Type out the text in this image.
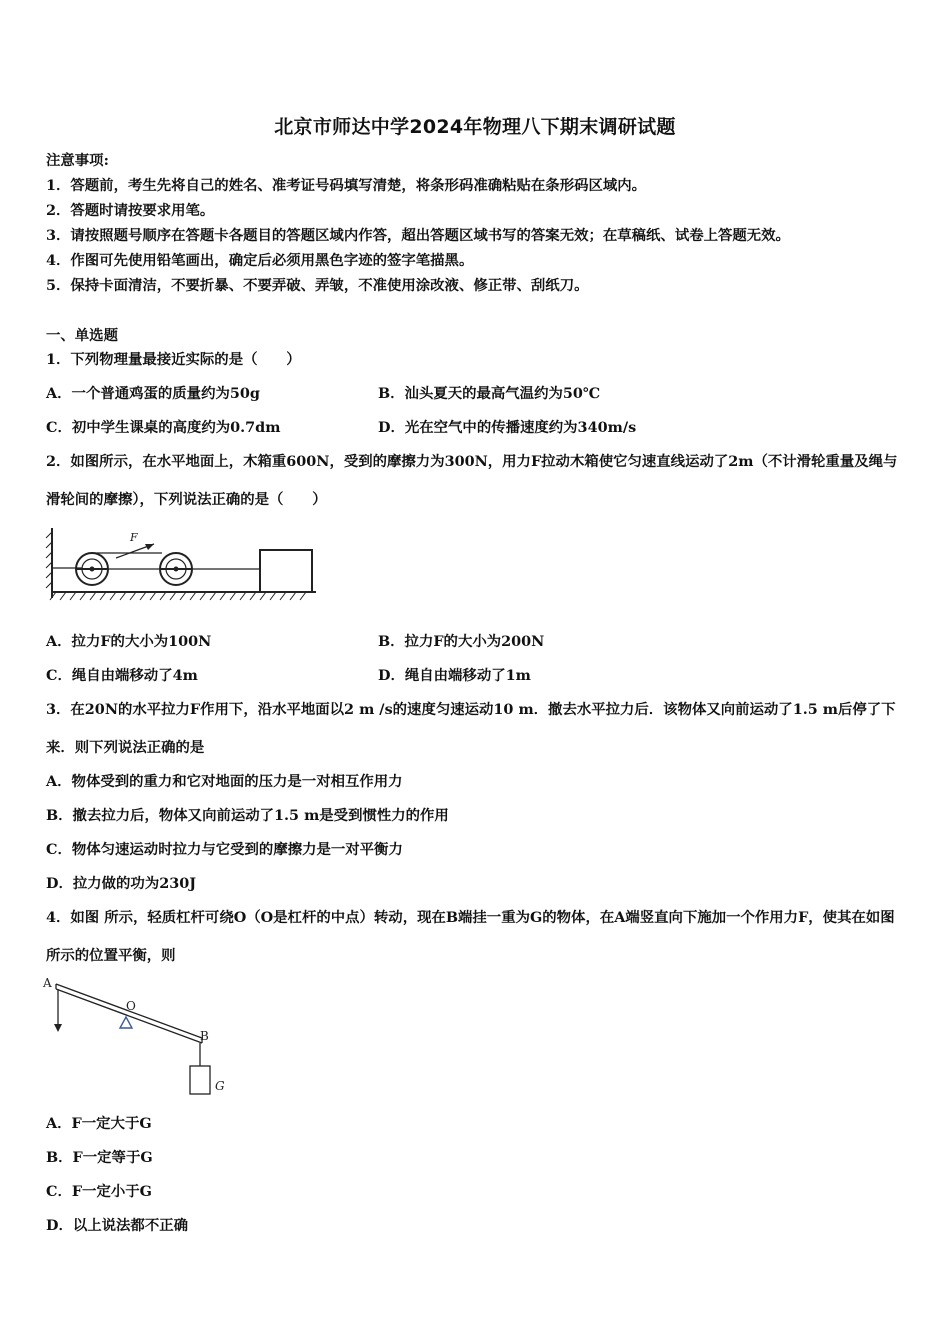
北京市师达中学2024年物理八下期末调研试题
注意事项:
1．答题前，考生先将自己的姓名、准考证号码填写清楚，将条形码准确粘贴在条形码区域内。
2．答题时请按要求用笔。
3．请按照题号顺序在答题卡各题目的答题区域内作答，超出答题区域书写的答案无效；在草稿纸、试卷上答题无效。
4．作图可先使用铅笔画出，确定后必须用黑色字迹的签字笔描黑。
5．保持卡面清洁，不要折暴、不要弄破、弄皱，不准使用涂改液、修正带、刮纸刀。
一、单选题
1．下列物理量最接近实际的是（　　）
A．一个普通鸡蛋的质量约为50g	B．汕头夏天的最高气温约为50℃
C．初中学生课桌的高度约为0.7dm	D．光在空气中的传播速度约为340m/s
2．如图所示，在水平地面上，木箱重600N，受到的摩擦力为300N，用力F拉动木箱使它匀速直线运动了2m（不计滑轮重量及绳与滑轮间的摩擦），下列说法正确的是（　　）
F
A．拉力F的大小为100N	B．拉力F的大小为200N
C．绳自由端移动了4m	D．绳自由端移动了1m
3．在20N的水平拉力F作用下，沿水平地面以2 m /s的速度匀速运动10 m．撤去水平拉力后．该物体又向前运动了1.5 m后停了下来．则下列说法正确的是
A．物体受到的重力和它对地面的压力是一对相互作用力
B．撤去拉力后，物体又向前运动了1.5 m是受到惯性力的作用
C．物体匀速运动时拉力与它受到的摩擦力是一对平衡力
D．拉力做的功为230J
4．如图 所示，轻质杠杆可绕O（O是杠杆的中点）转动，现在B端挂一重为G的物体，在A端竖直向下施加一个作用力F，使其在如图所示的位置平衡，则
A
O
B
G
A．F一定大于G
B．F一定等于G
C．F一定小于G
D．以上说法都不正确
